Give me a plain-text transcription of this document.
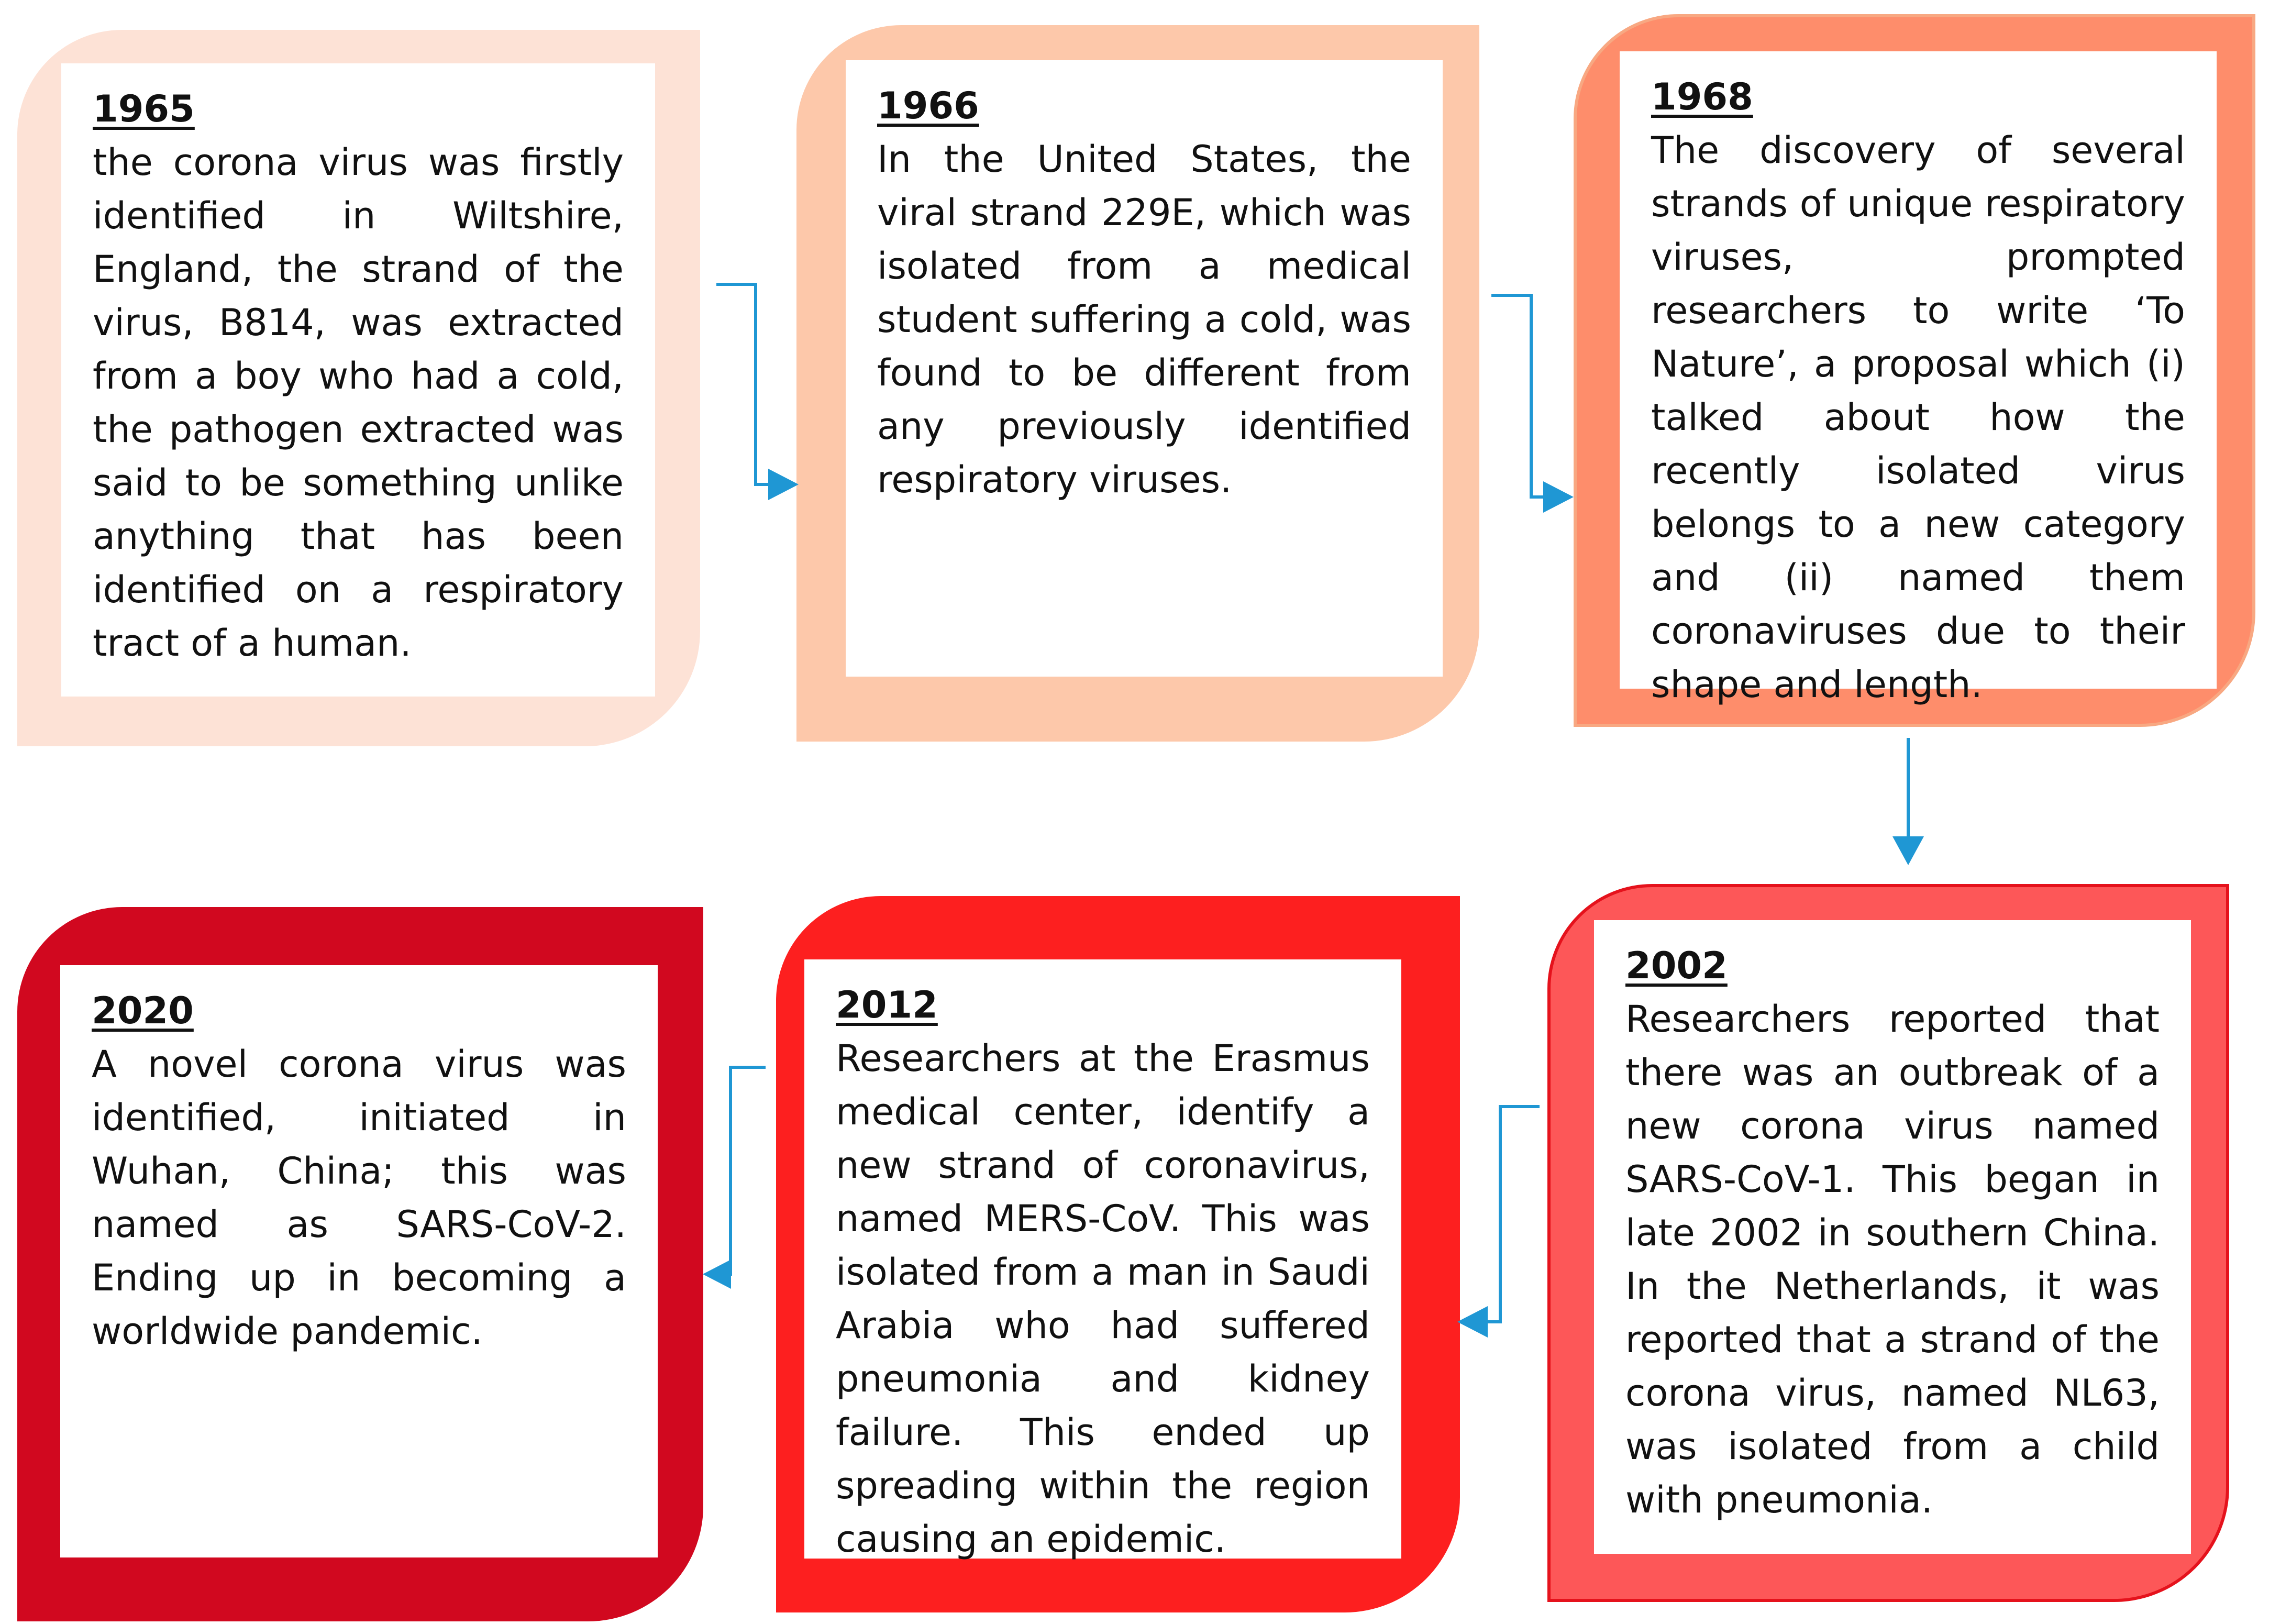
1965
the corona virus was firstly identified in Wiltshire, England, the strand of the virus, B814, was extracted from a boy who had a cold, the pathogen extracted was said to be something unlike anything that has been identified on a respiratory tract of a human.
1966
In the United States, the viral strand 229E, which was isolated from a medical student suffering a cold, was found to be different from any previously identified respiratory viruses.
1968
The discovery of several strands of unique respiratory viruses, prompted researchers to write ‘To Nature’, a proposal which (i) talked about how the recently isolated virus belongs to a new category and (ii) named them coronaviruses due to their shape and length.
2002
Researchers reported that there was an outbreak of a new corona virus named SARS-CoV-1. This began in late 2002 in southern China. In the Netherlands, it was reported that a strand of the corona virus, named NL63, was isolated from a child with pneumonia.
2012
Researchers at the Erasmus medical center, identify a new strand of coronavirus, named MERS-CoV. This was isolated from a man in Saudi Arabia who had suffered pneumonia and kidney failure. This ended up spreading within the region causing an epidemic.
2020
A novel corona virus was identified, initiated in Wuhan, China; this was named as SARS-CoV-2. Ending up in becoming a worldwide pandemic.
